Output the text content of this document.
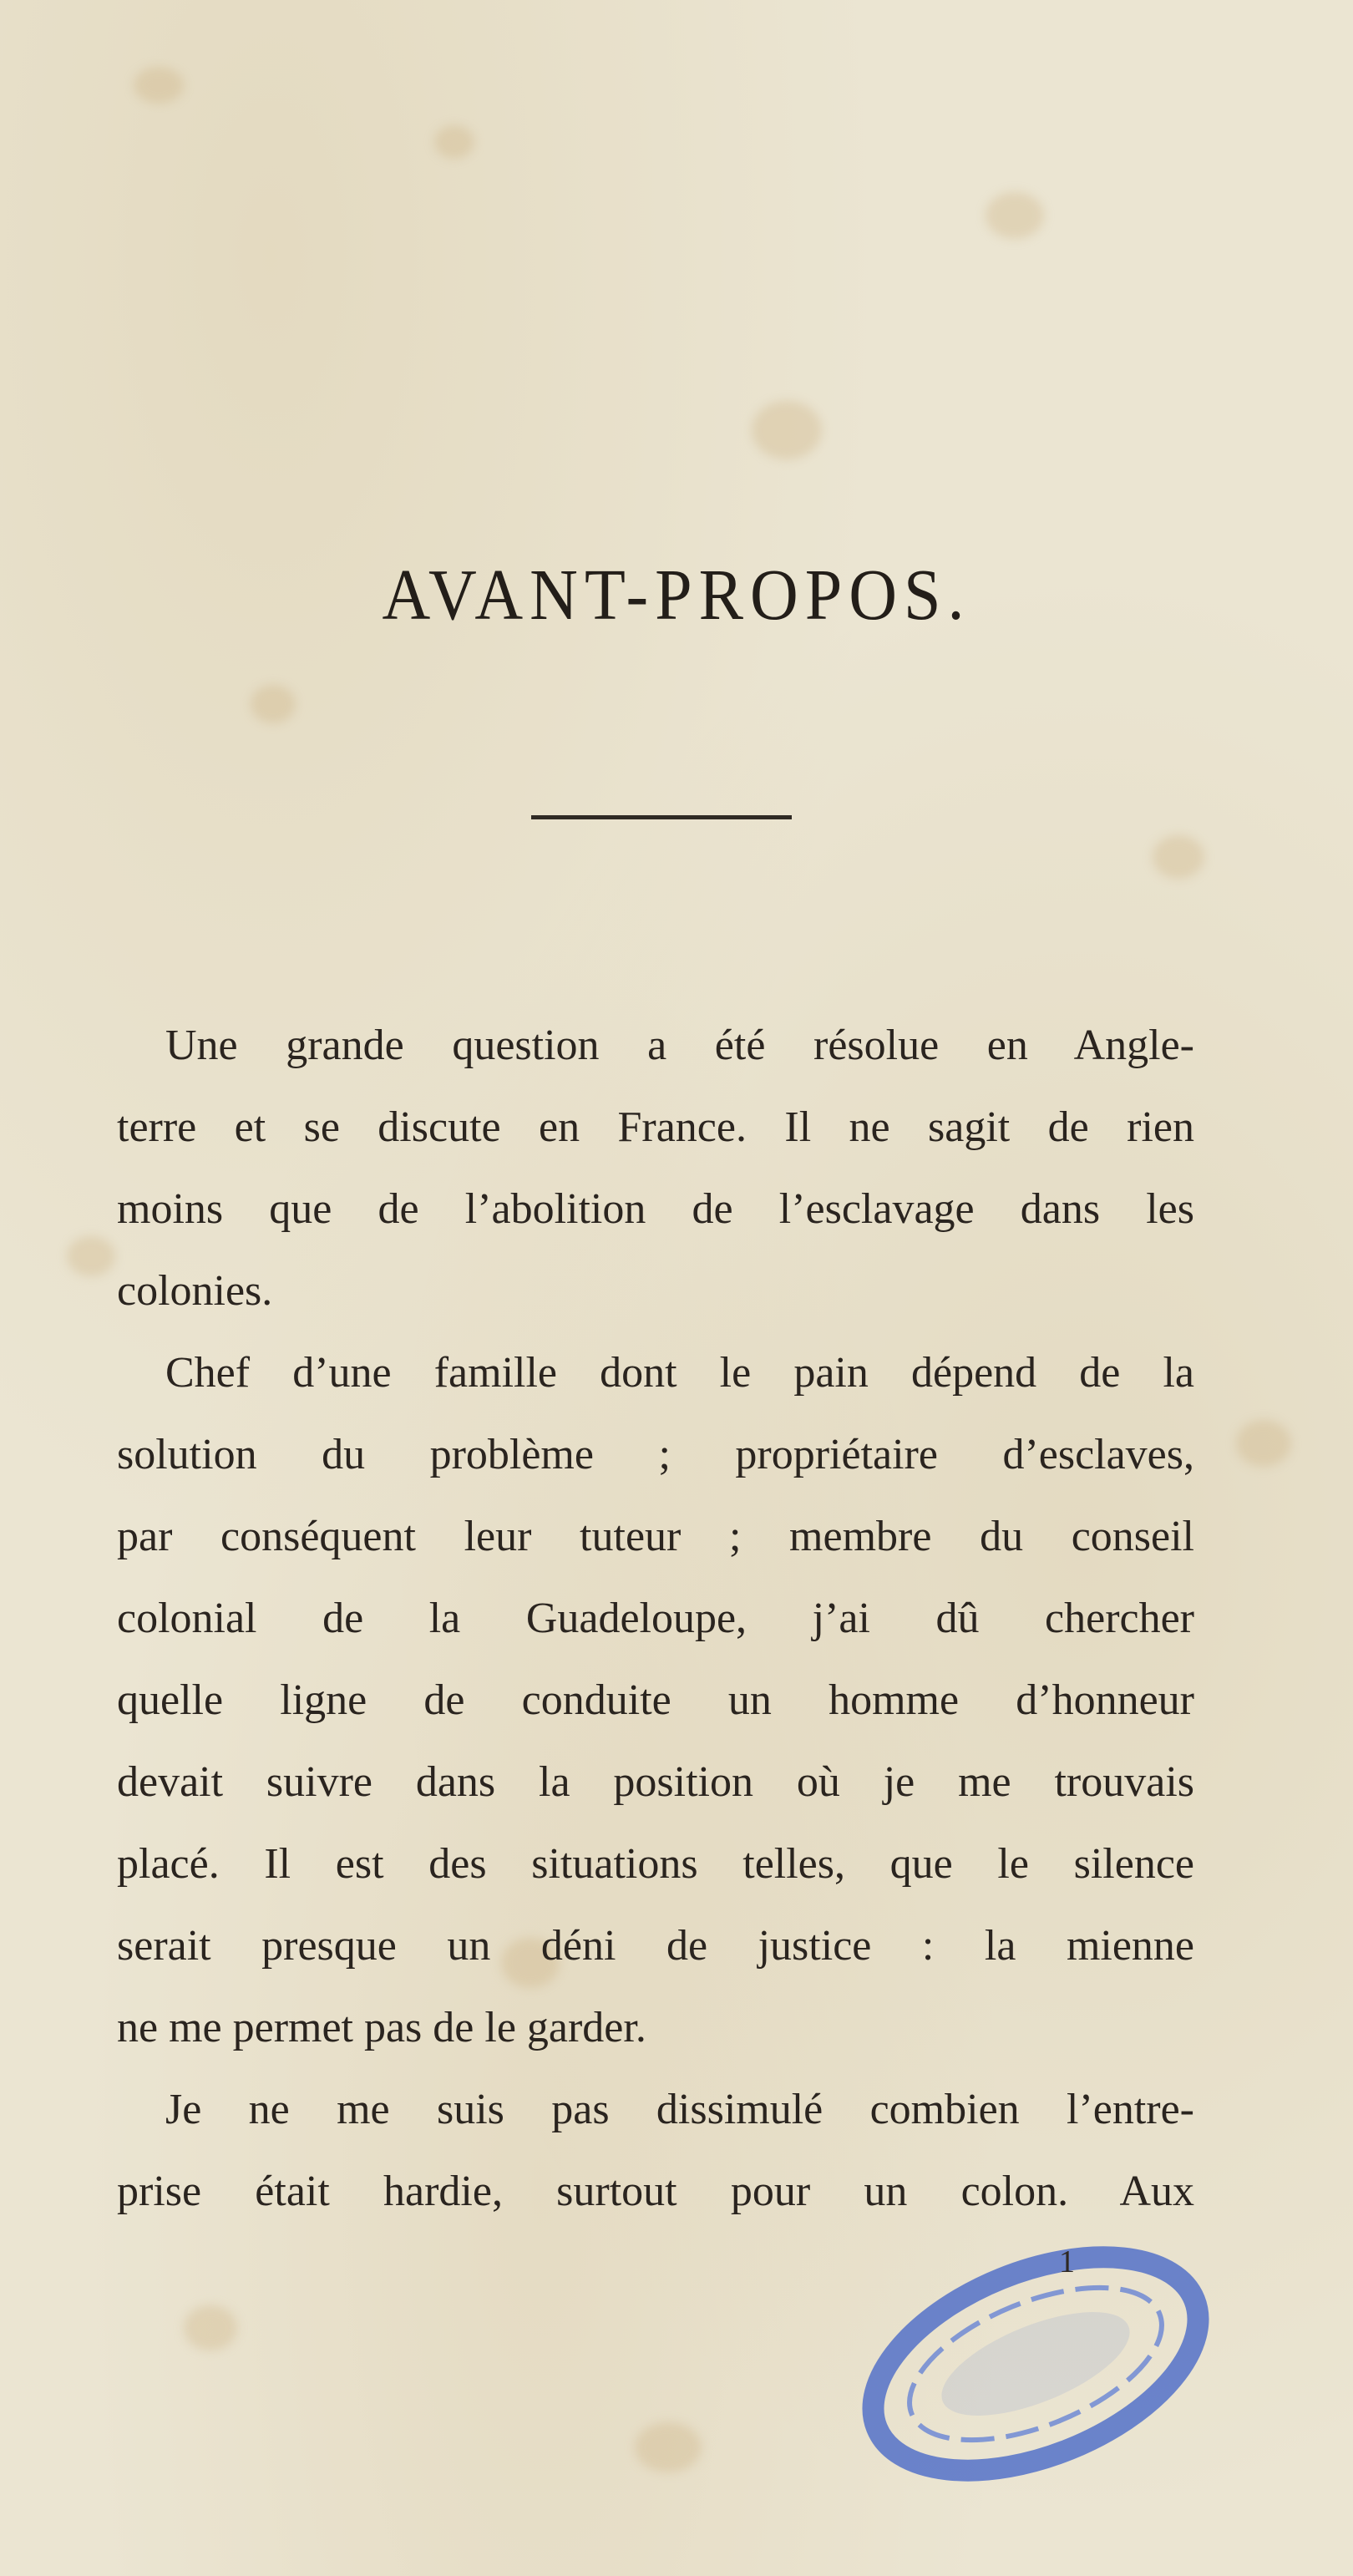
AVANT-PROPOS.
Une grande question a été résolue en Angle-
terre et se discute en France. Il ne sagit de rien
moins que de l’abolition de l’esclavage dans les
colonies.
Chef d’une famille dont le pain dépend de la
solution du problème ; propriétaire d’esclaves,
par conséquent leur tuteur ; membre du conseil
colonial de la Guadeloupe, j’ai dû chercher
quelle ligne de conduite un homme d’honneur
devait suivre dans la position où je me trouvais
placé. Il est des situations telles, que le silence
serait presque un déni de justice : la mienne
ne me permet pas de le garder.
Je ne me suis pas dissimulé combien l’entre-
prise était hardie, surtout pour un colon. Aux
1
